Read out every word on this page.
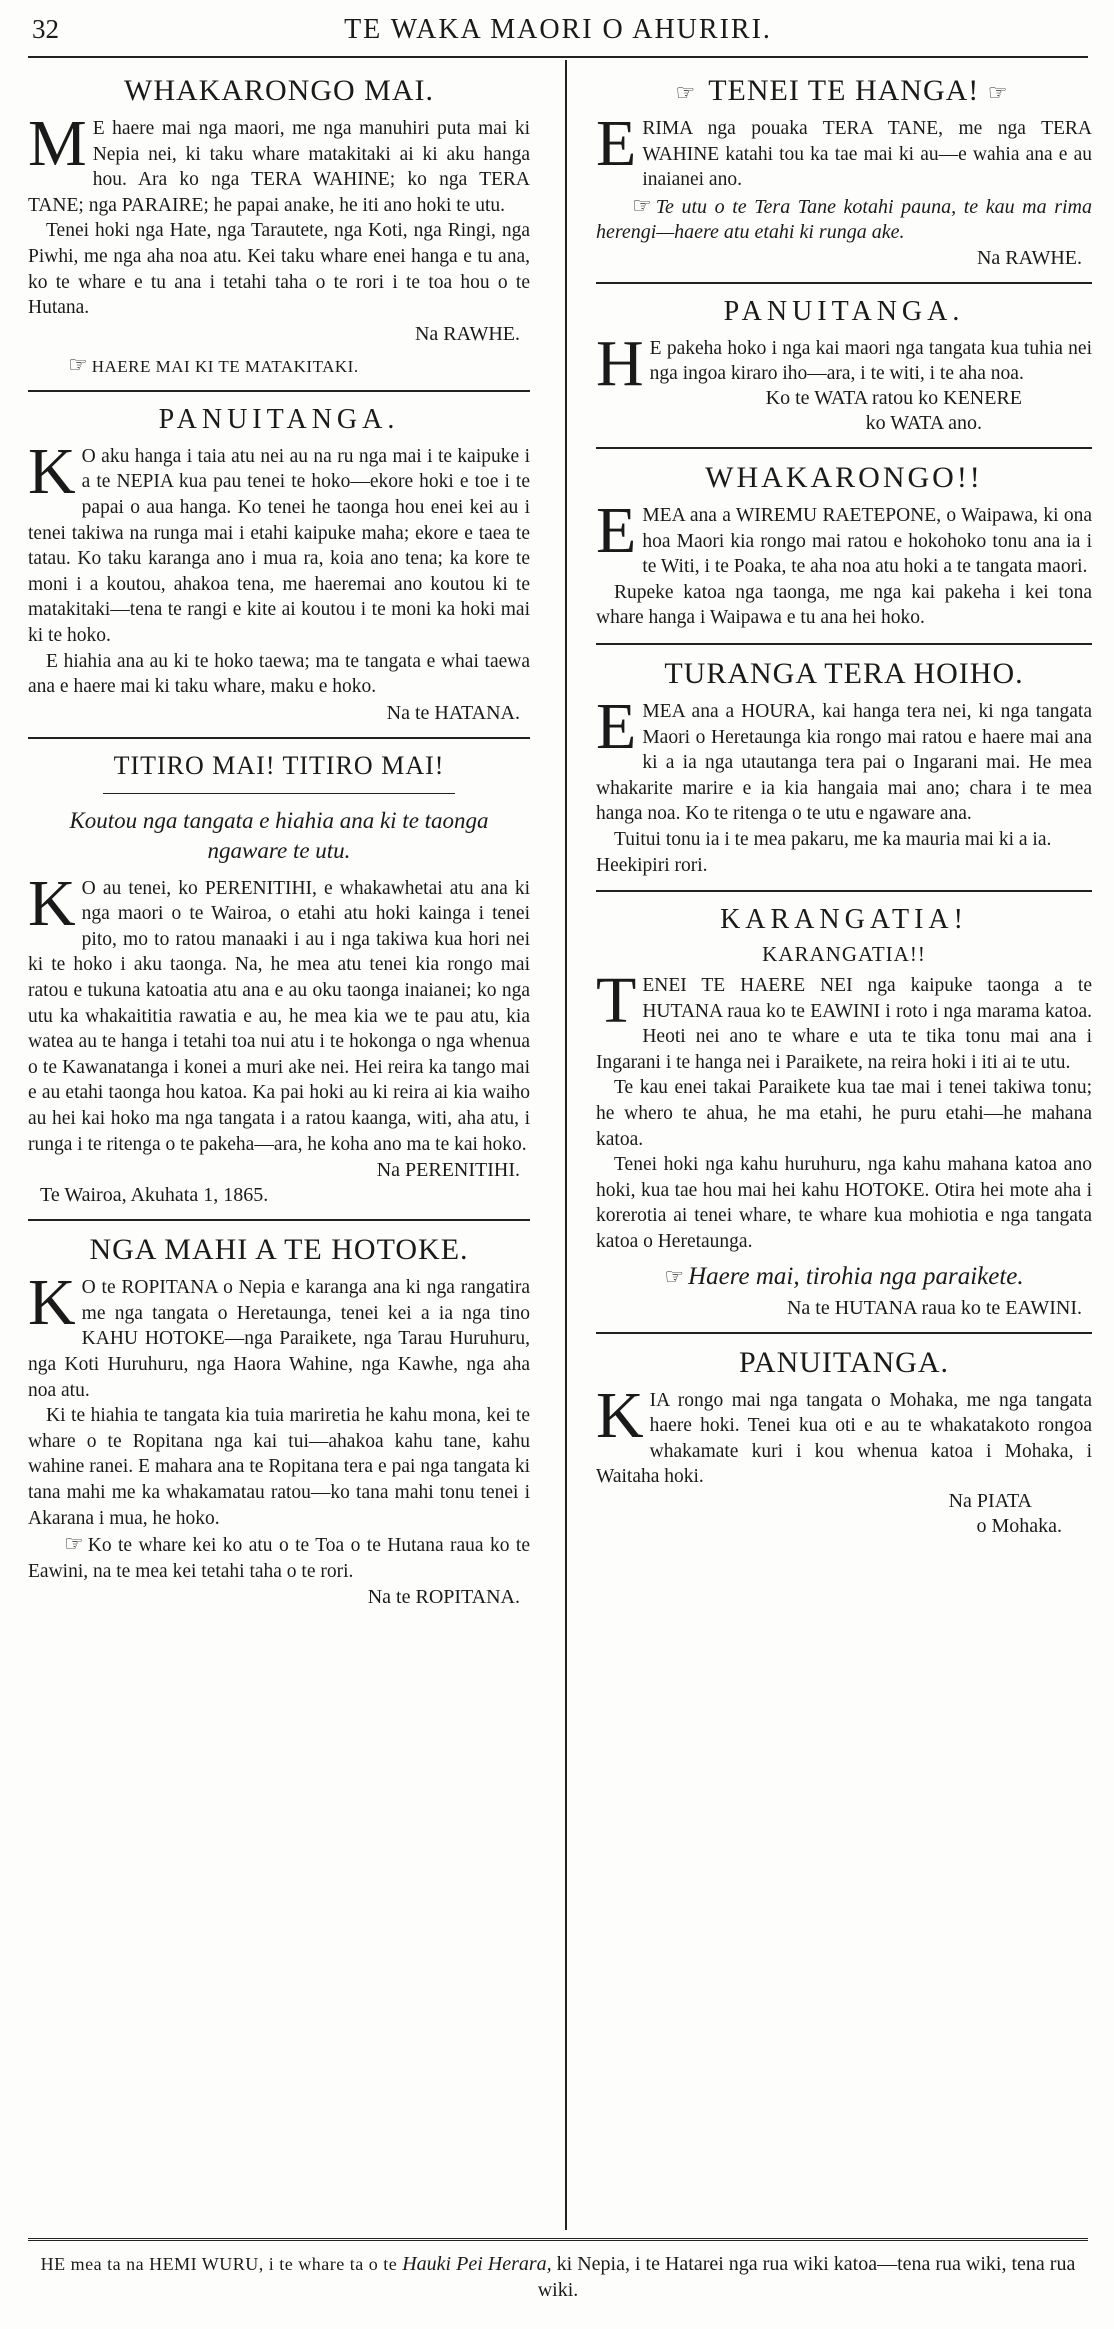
32	TE WAKA MAORI O AHURIRI.
WHAKARONGO MAI.

M E haere mai nga maori, me nga manuhiri puta mai ki Nepia nei, ki taku whare matakitaki ai ki aku hanga hou. Ara ko nga TERA WAHINE; ko nga TERA TANE; nga PARAIRE; he papai anake, he iti ano hoki te utu.

Tenei hoki nga Hate, nga Tarautete, nga Koti, nga Ringi, nga Piwhi, me nga aha noa atu. Kei taku whare enei hanga e tu ana, ko te whare e tu ana i tetahi taha o te rori i te toa hou o te Hutana.

Na RAWHE.
☞ HAERE MAI KI TE MATAKITAKI.
PANUITANGA.

K O aku hanga i taia atu nei au na ru nga mai i te kaipuke i a te NEPIA kua pau tenei te hoko—ekore hoki e toe i te papai o aua hanga. Ko tenei he taonga hou enei kei au i tenei takiwa na runga mai i etahi kaipuke maha; ekore e taea te tatau. Ko taku karanga ano i mua ra, koia ano tena; ka kore te moni i a koutou, ahakoa tena, me haeremai ano koutou ki te matakitaki—tena te rangi e kite ai koutou i te moni ka hoki mai ki te hoko.

E hiahia ana au ki te hoko taewa; ma te tangata e whai taewa ana e haere mai ki taku whare, maku e hoko.

Na te HATANA.
TITIRO MAI! TITIRO MAI!
Koutou nga tangata e hiahia ana ki te taonga ngaware te utu.

K O au tenei, ko PERENITIHI, e whakawhetai atu ana ki nga maori o te Wairoa, o etahi atu hoki kainga i tenei pito, mo to ratou manaaki i au i nga takiwa kua hori nei ki te hoko i aku taonga. Na, he mea atu tenei kia rongo mai ratou e tukuna katoatia atu ana e au oku taonga inaianei; ko nga utu ka whakaititia rawatia e au, he mea kia we te pau atu, kia watea au te hanga i tetahi toa nui atu i te hokonga o nga whenua o te Kawanatanga i konei a muri ake nei. Hei reira ka tango mai e au etahi taonga hou katoa. Ka pai hoki au ki reira ai kia waiho au hei kai hoko ma nga tangata i a ratou kaanga, witi, aha atu, i runga i te ritenga o te pakeha—ara, he koha ano ma te kai hoko.

Na PERENITIHI.
Te Wairoa, Akuhata 1, 1865.
NGA MAHI A TE HOTOKE.

K O te ROPITANA o Nepia e karanga ana ki nga rangatira me nga tangata o Heretaunga, tenei kei a ia nga tino KAHU HOTOKE—nga Paraikete, nga Tarau Huruhuru, nga Koti Huruhuru, nga Haora Wahine, nga Kawhe, nga aha noa atu.

Ki te hiahia te tangata kia tuia mariretia he kahu mona, kei te whare o te Ropitana nga kai tui—ahakoa kahu tane, kahu wahine ranei. E mahara ana te Ropitana tera e pai nga tangata ki tana mahi me ka whakamatau ratou—ko tana mahi tonu tenei i Akarana i mua, he hoko.

☞ Ko te whare kei ko atu o te Toa o te Hutana raua ko te Eawini, na te mea kei tetahi taha o te rori.

Na te ROPITANA.
☞ TENEI TE HANGA! ☞

ERIMA nga pouaka TERA TANE, me nga TERA WAHINE katahi tou ka tae mai ki au—e wahia ana e au inaianei ano.

☞ Te utu o te Tera Tane kotahi pauna, te kau ma rima herengi—haere atu etahi ki runga ake.

Na RAWHE.
PANUITANGA.

H E pakeha hoko i nga kai maori nga tangata kua tuhia nei nga ingoa kiraro iho—ara, i te witi, i te aha noa.

Ko te WATA ratou ko KENERE
ko WATA ano.
WHAKARONGO!!

EMEA ana a WIREMU RAETEPONE, o Waipawa, ki ona hoa Maori kia rongo mai ratou e hokohoko tonu ana ia i te Witi, i te Poaka, te aha noa atu hoki a te tangata maori.

Rupeke katoa nga taonga, me nga kai pakeha i kei tona whare hanga i Waipawa e tu ana hei hoko.

TURANGA TERA HOIHO.

EMEA ana a HOURA, kai hanga tera nei, ki nga tangata Maori o Heretaunga kia rongo mai ratou e haere mai ana ki a ia nga utautanga tera pai o Ingarani mai. He mea whakarite marire e ia kia hangaia mai ano; chara i te mea hanga noa. Ko te ritenga o te utu e ngaware ana.

Tuitui tonu ia i te mea pakaru, me ka mauria mai ki a ia.

Heekipiri rori.

KARANGATIA!
KARANGATIA!!

TENEI TE HAERE NEI nga kaipuke taonga a te HUTANA raua ko te EAWINI i roto i nga marama katoa. Heoti nei ano te whare e uta te tika tonu mai ana i Ingarani i te hanga nei i Paraikete, na reira hoki i iti ai te utu.

Te kau enei takai Paraikete kua tae mai i tenei takiwa tonu; he whero te ahua, he ma etahi, he puru etahi—he mahana katoa.

Tenei hoki nga kahu huruhuru, nga kahu mahana katoa ano hoki, kua tae hou mai hei kahu HOTOKE. Otira hei mote aha i korerotia ai tenei whare, te whare kua mohiotia e nga tangata katoa o Heretaunga.

☞ Haere mai, tirohia nga paraikete.
Na te HUTANA raua ko te EAWINI.
PANUITANGA.

KIA rongo mai nga tangata o Mohaka, me nga tangata haere hoki. Tenei kua oti e au te whakatakoto rongoa whakamate kuri i kou whenua katoa i Mohaka, i Waitaha hoki.

Na PIATA
o Mohaka.
HE mea ta na HEMI WURU, i te whare ta o te Hauki Pei Herara, ki Nepia, i te Hatarei nga rua wiki katoa—tena rua wiki, tena rua wiki.
